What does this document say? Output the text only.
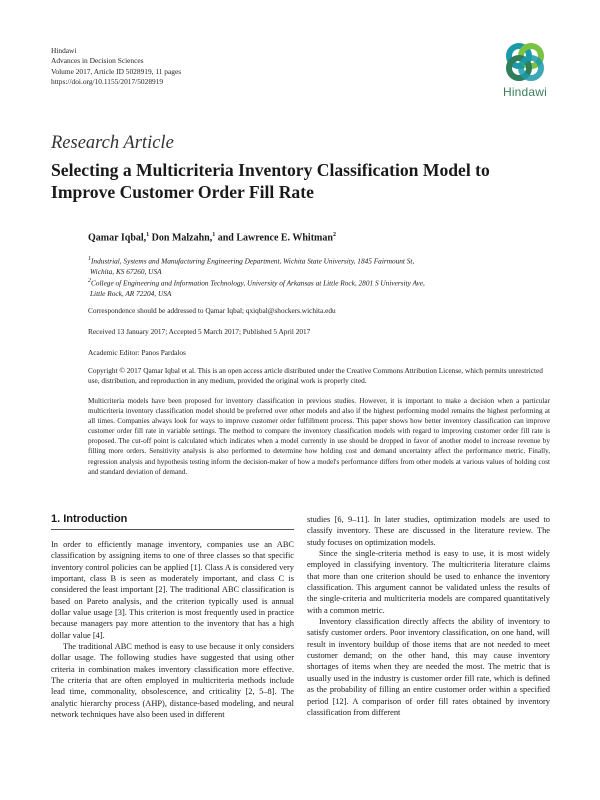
Hindawi
Advances in Decision Sciences
Volume 2017, Article ID 5028919, 11 pages
https://doi.org/10.1155/2017/5028919
Hindawi
Research Article
Selecting a Multicriteria Inventory Classification Model to Improve Customer Order Fill Rate
Qamar Iqbal,$^1$ Don Malzahn,$^1$ and Lawrence E. Whitman$^2$
$^1$Industrial, Systems and Manufacturing Engineering Department, Wichita State University, 1845 Fairmount St,
Wichita, KS 67260, USA
$^2$College of Engineering and Information Technology, University of Arkansas at Little Rock, 2801 S University Ave,
Little Rock, AR 72204, USA
Correspondence should be addressed to Qamar Iqbal; qxiqbal@shockers.wichita.edu
Received 13 January 2017; Accepted 5 March 2017; Published 5 April 2017
Academic Editor: Panos Pardalos
Copyright © 2017 Qamar Iqbal et al. This is an open access article distributed under the Creative Commons Attribution License, which permits unrestricted use, distribution, and reproduction in any medium, provided the original work is properly cited.
Multicriteria models have been proposed for inventory classification in previous studies. However, it is important to make a decision when a particular multicriteria inventory classification model should be preferred over other models and also if the highest performing model remains the highest performing at all times. Companies always look for ways to improve customer order fulfillment process. This paper shows how better inventory classification can improve customer order fill rate in variable settings. The method to compare the inventory classification models with regard to improving customer order fill rate is proposed. The cut-off point is calculated which indicates when a model currently in use should be dropped in favor of another model to increase revenue by filling more orders. Sensitivity analysis is also performed to determine how holding cost and demand uncertainty affect the performance metric. Finally, regression analysis and hypothesis testing inform the decision-maker of how a model's performance differs from other models at various values of holding cost and standard deviation of demand.
1. Introduction

In order to efficiently manage inventory, companies use an ABC classification by assigning items to one of three classes so that specific inventory control policies can be applied [1]. Class A is considered very important, class B is seen as moderately important, and class C is considered the least important [2]. The traditional ABC classification is based on Pareto analysis, and the criterion typically used is annual dollar value usage [3]. This criterion is most frequently used in practice because managers pay more attention to the inventory that has a high dollar value [4].

The traditional ABC method is easy to use because it only considers dollar usage. The following studies have suggested that using other criteria in combination makes inventory classification more effective. The criteria that are often employed in multicriteria methods include lead time, commonality, obsolescence, and criticality [2, 5–8]. The analytic hierarchy process (AHP), distance-based modeling, and neural network techniques have also been used in different

studies [6, 9–11]. In later studies, optimization models are used to classify inventory. These are discussed in the literature review. The study focuses on optimization models.

Since the single-criteria method is easy to use, it is most widely employed in classifying inventory. The multicriteria literature claims that more than one criterion should be used to enhance the inventory classification. This argument cannot be validated unless the results of the single-criteria and multicriteria models are compared quantitatively with a common metric.

Inventory classification directly affects the ability of inventory to satisfy customer orders. Poor inventory classification, on one hand, will result in inventory buildup of those items that are not needed to meet customer demand; on the other hand, this may cause inventory shortages of items when they are needed the most. The metric that is usually used in the industry is customer order fill rate, which is defined as the probability of filling an entire customer order within a specified period [12]. A comparison of order fill rates obtained by inventory classification from different
